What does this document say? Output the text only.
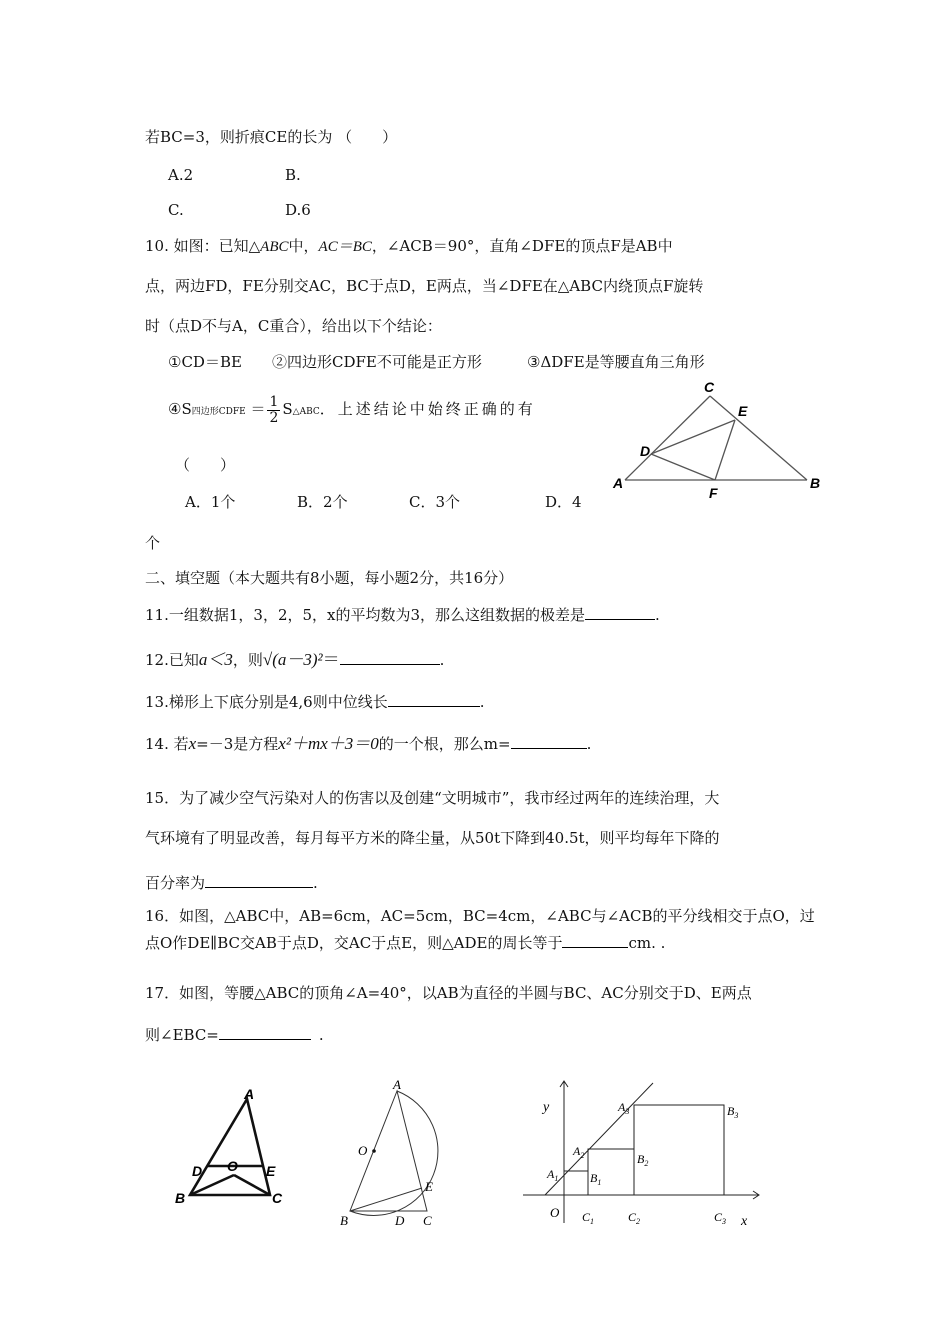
若BC=3，则折痕CE的长为 （　　）
A.2	B.
C.	D.6
10. 如图：已知△ABC中，AC＝BC，∠ACB＝90°，直角∠DFE的顶点F是AB中
点，两边FD，FE分别交AC，BC于点D，E两点，当∠DFE在△ABC内绕顶点F旋转
时（点D不与A，C重合），给出以下个结论：
①CD＝BE ②四边形CDFE不可能是正方形	③ΔDFE是等腰直角三角形
④S四边形CDFE ＝ $\frac{1}{2}$ S△ABC．上述结论中始终正确的有
（　　）
A．1个	B．2个	C．3个	D．4
个
A	B
C
D
E
F
二、填空题（本大题共有8小题，每小题2分，共16分）
11.一组数据1，3，2，5，x的平均数为3，那么这组数据的极差是	.
12.已知a＜3，则√(a－3)²＝	.
13.梯形上下底分别是4,6则中位线长	.
14. 若x=－3是方程x²＋mx＋3＝0的一个根，那么m=	.
15．为了减少空气污染对人的伤害以及创建“文明城市”，我市经过两年的连续治理，大
气环境有了明显改善，每月每平方米的降尘量，从50t下降到40.5t，则平均每年下降的
百分率为	.
16．如图，△ABC中，AB=6cm，AC=5cm，BC=4cm，∠ABC与∠ACB的平分线相交于点O，过
点O作DE∥BC交AB于点D，交AC于点E，则△ADE的周长等于	cm. .
17．如图，等腰△ABC的顶角∠A=40°，以AB为直径的半圆与BC、AC分别交于D、E两点
则∠EBC=	.
A
B	C
D	E
O
A
B	C
D
E
O
y
x
O
$A_1$
$A_2$
$A_3$
$B_1$
$B_2$
$B_3$
$C_1$	$C_2$	$C_3$
